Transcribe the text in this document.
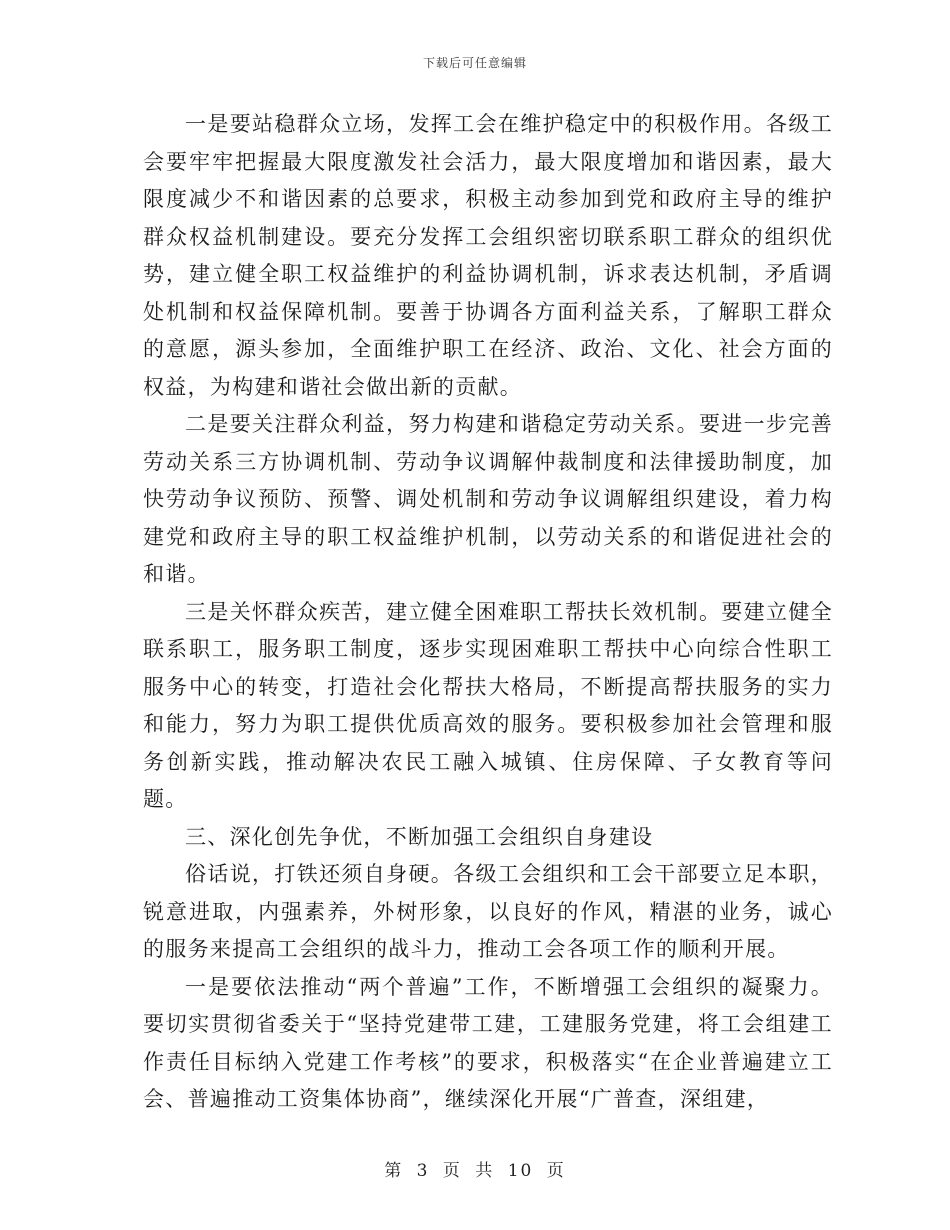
下载后可任意编辑

一是要站稳群众立场，发挥工会在维护稳定中的积极作用。各级工会要牢牢把握最大限度激发社会活力，最大限度增加和谐因素，最大限度减少不和谐因素的总要求，积极主动参加到党和政府主导的维护群众权益机制建设。要充分发挥工会组织密切联系职工群众的组织优势，建立健全职工权益维护的利益协调机制，诉求表达机制，矛盾调处机制和权益保障机制。要善于协调各方面利益关系，了解职工群众的意愿，源头参加，全面维护职工在经济、政治、文化、社会方面的权益，为构建和谐社会做出新的贡献。

二是要关注群众利益，努力构建和谐稳定劳动关系。要进一步完善劳动关系三方协调机制、劳动争议调解仲裁制度和法律援助制度，加快劳动争议预防、预警、调处机制和劳动争议调解组织建设，着力构建党和政府主导的职工权益维护机制，以劳动关系的和谐促进社会的和谐。

三是关怀群众疾苦，建立健全困难职工帮扶长效机制。要建立健全联系职工，服务职工制度，逐步实现困难职工帮扶中心向综合性职工服务中心的转变，打造社会化帮扶大格局，不断提高帮扶服务的实力和能力，努力为职工提供优质高效的服务。要积极参加社会管理和服务创新实践，推动解决农民工融入城镇、住房保障、子女教育等问题。

三、深化创先争优，不断加强工会组织自身建设

俗话说，打铁还须自身硬。各级工会组织和工会干部要立足本职，锐意进取，内强素养，外树形象，以良好的作风，精湛的业务，诚心的服务来提高工会组织的战斗力，推动工会各项工作的顺利开展。

一是要依法推动“两个普遍”工作，不断增强工会组织的凝聚力。要切实贯彻省委关于“坚持党建带工建，工建服务党建，将工会组建工作责任目标纳入党建工作考核”的要求，积极落实“在企业普遍建立工会、普遍推动工资集体协商”，继续深化开展“广普查，深组建，

第 3 页 共 10 页
